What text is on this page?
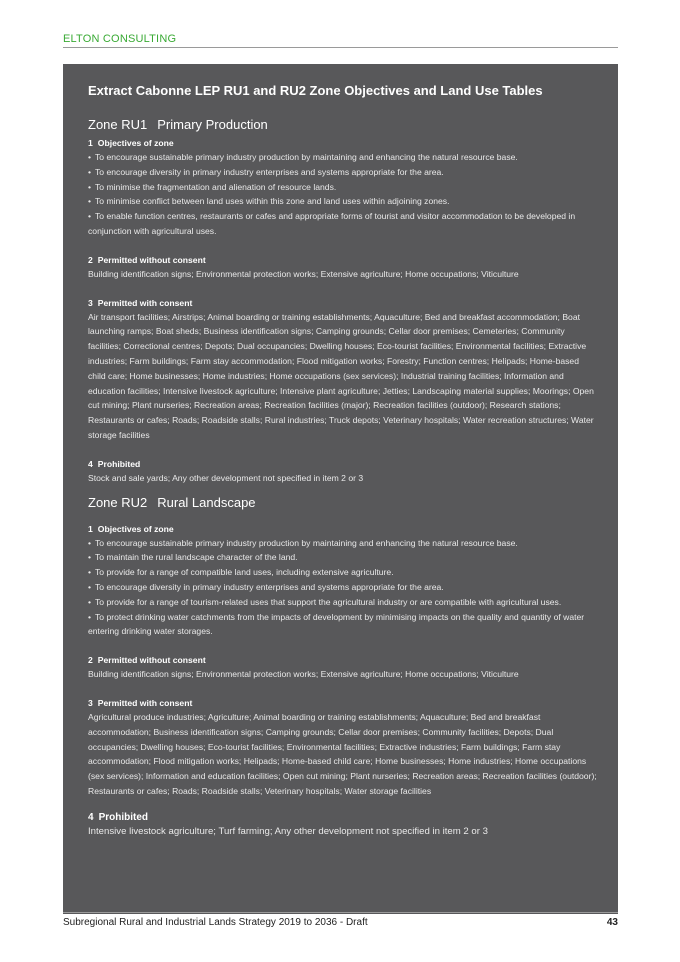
ELTON CONSULTING

Extract Cabonne LEP RU1 and RU2 Zone Objectives and Land Use Tables

Zone RU1 Primary Production

1 Objectives of zone

• To encourage sustainable primary industry production by maintaining and enhancing the natural resource base.

• To encourage diversity in primary industry enterprises and systems appropriate for the area.

• To minimise the fragmentation and alienation of resource lands.

• To minimise conflict between land uses within this zone and land uses within adjoining zones.

• To enable function centres, restaurants or cafes and appropriate forms of tourist and visitor accommodation to be developed in conjunction with agricultural uses.

2 Permitted without consent

Building identification signs; Environmental protection works; Extensive agriculture; Home occupations; Viticulture

3 Permitted with consent

Air transport facilities; Airstrips; Animal boarding or training establishments; Aquaculture; Bed and breakfast accommodation; Boat launching ramps; Boat sheds; Business identification signs; Camping grounds; Cellar door premises; Cemeteries; Community facilities; Correctional centres; Depots; Dual occupancies; Dwelling houses; Eco-tourist facilities; Environmental facilities; Extractive industries; Farm buildings; Farm stay accommodation; Flood mitigation works; Forestry; Function centres; Helipads; Home-based child care; Home businesses; Home industries; Home occupations (sex services); Industrial training facilities; Information and education facilities; Intensive livestock agriculture; Intensive plant agriculture; Jetties; Landscaping material supplies; Moorings; Open cut mining; Plant nurseries; Recreation areas; Recreation facilities (major); Recreation facilities (outdoor); Research stations; Restaurants or cafes; Roads; Roadside stalls; Rural industries; Truck depots; Veterinary hospitals; Water recreation structures; Water storage facilities

4 Prohibited

Stock and sale yards; Any other development not specified in item 2 or 3

Zone RU2 Rural Landscape

1 Objectives of zone

• To encourage sustainable primary industry production by maintaining and enhancing the natural resource base.

• To maintain the rural landscape character of the land.

• To provide for a range of compatible land uses, including extensive agriculture.

• To encourage diversity in primary industry enterprises and systems appropriate for the area.

• To provide for a range of tourism-related uses that support the agricultural industry or are compatible with agricultural uses.

• To protect drinking water catchments from the impacts of development by minimising impacts on the quality and quantity of water entering drinking water storages.

2 Permitted without consent

Building identification signs; Environmental protection works; Extensive agriculture; Home occupations; Viticulture

3 Permitted with consent

Agricultural produce industries; Agriculture; Animal boarding or training establishments; Aquaculture; Bed and breakfast accommodation; Business identification signs; Camping grounds; Cellar door premises; Community facilities; Depots; Dual occupancies; Dwelling houses; Eco-tourist facilities; Environmental facilities; Extractive industries; Farm buildings; Farm stay accommodation; Flood mitigation works; Helipads; Home-based child care; Home businesses; Home industries; Home occupations (sex services); Information and education facilities; Open cut mining; Plant nurseries; Recreation areas; Recreation facilities (outdoor); Restaurants or cafes; Roads; Roadside stalls; Veterinary hospitals; Water storage facilities

4 Prohibited

Intensive livestock agriculture; Turf farming; Any other development not specified in item 2 or 3

Subregional Rural and Industrial Lands Strategy 2019 to 2036 - Draft	43
